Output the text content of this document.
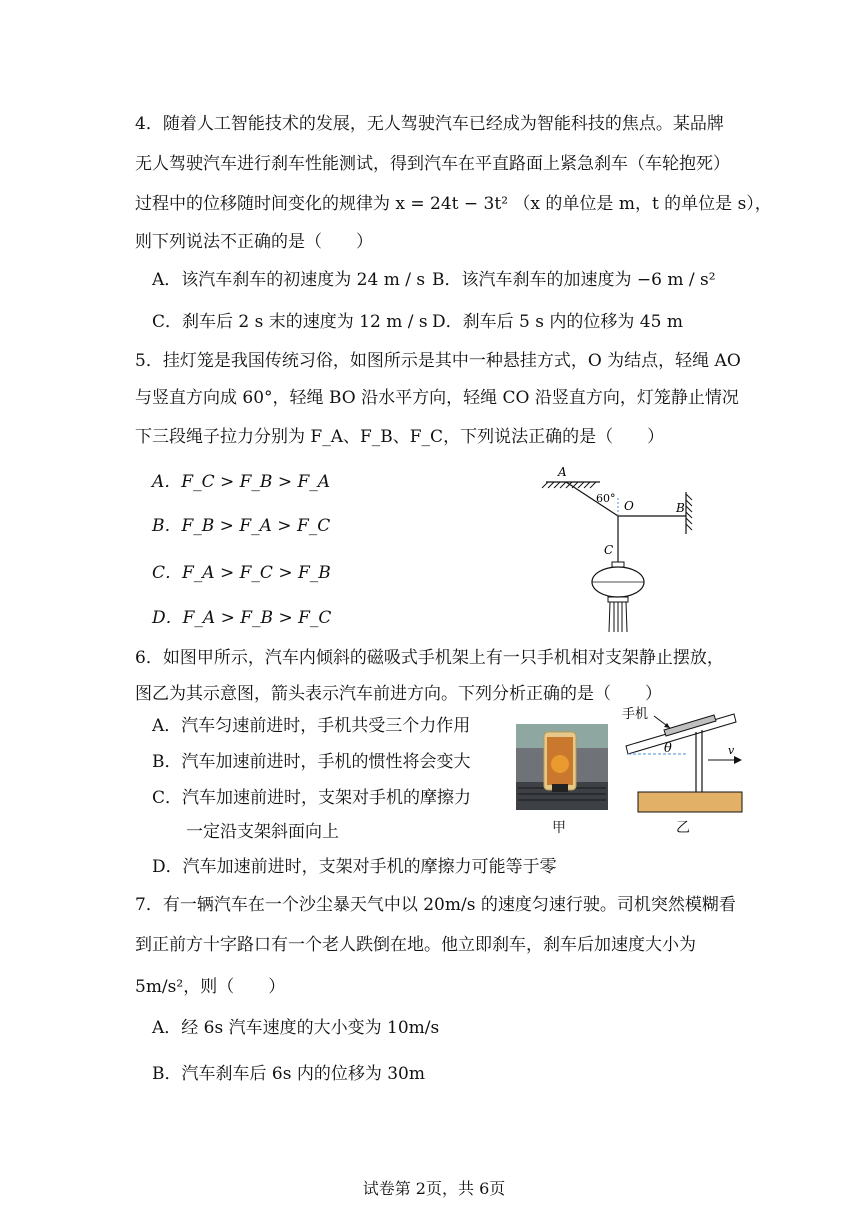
4．随着人工智能技术的发展，无人驾驶汽车已经成为智能科技的焦点。某品牌
无人驾驶汽车进行刹车性能测试，得到汽车在平直路面上紧急刹车（车轮抱死）
过程中的位移随时间变化的规律为 x = 24t − 3t² （x 的单位是 m，t 的单位是 s），
则下列说法不正确的是（　　）
A．该汽车刹车的初速度为 24 m / s B．该汽车刹车的加速度为 −6 m / s²
C．刹车后 2 s 末的速度为 12 m / s D．刹车后 5 s 内的位移为 45 m
5．挂灯笼是我国传统习俗，如图所示是其中一种悬挂方式，O 为结点，轻绳 AO
与竖直方向成 60°，轻绳 BO 沿水平方向，轻绳 CO 沿竖直方向，灯笼静止情况
下三段绳子拉力分别为 F_A、F_B、F_C，下列说法正确的是（　　）
A．F_C > F_B > F_A
B．F_B > F_A > F_C
C．F_A > F_C > F_B
D．F_A > F_B > F_C
A
B
O
C
60°
6．如图甲所示，汽车内倾斜的磁吸式手机架上有一只手机相对支架静止摆放，
图乙为其示意图，箭头表示汽车前进方向。下列分析正确的是（　　）
A．汽车匀速前进时，手机共受三个力作用
B．汽车加速前进时，手机的惯性将会变大
C．汽车加速前进时，支架对手机的摩擦力
一定沿支架斜面向上
D．汽车加速前进时，支架对手机的摩擦力可能等于零
甲
手机
θ	v
乙
7．有一辆汽车在一个沙尘暴天气中以 20m/s 的速度匀速行驶。司机突然模糊看
到正前方十字路口有一个老人跌倒在地。他立即刹车，刹车后加速度大小为
5m/s²，则（　　）
A．经 6s 汽车速度的大小变为 10m/s
B．汽车刹车后 6s 内的位移为 30m
试卷第 2页，共 6页
